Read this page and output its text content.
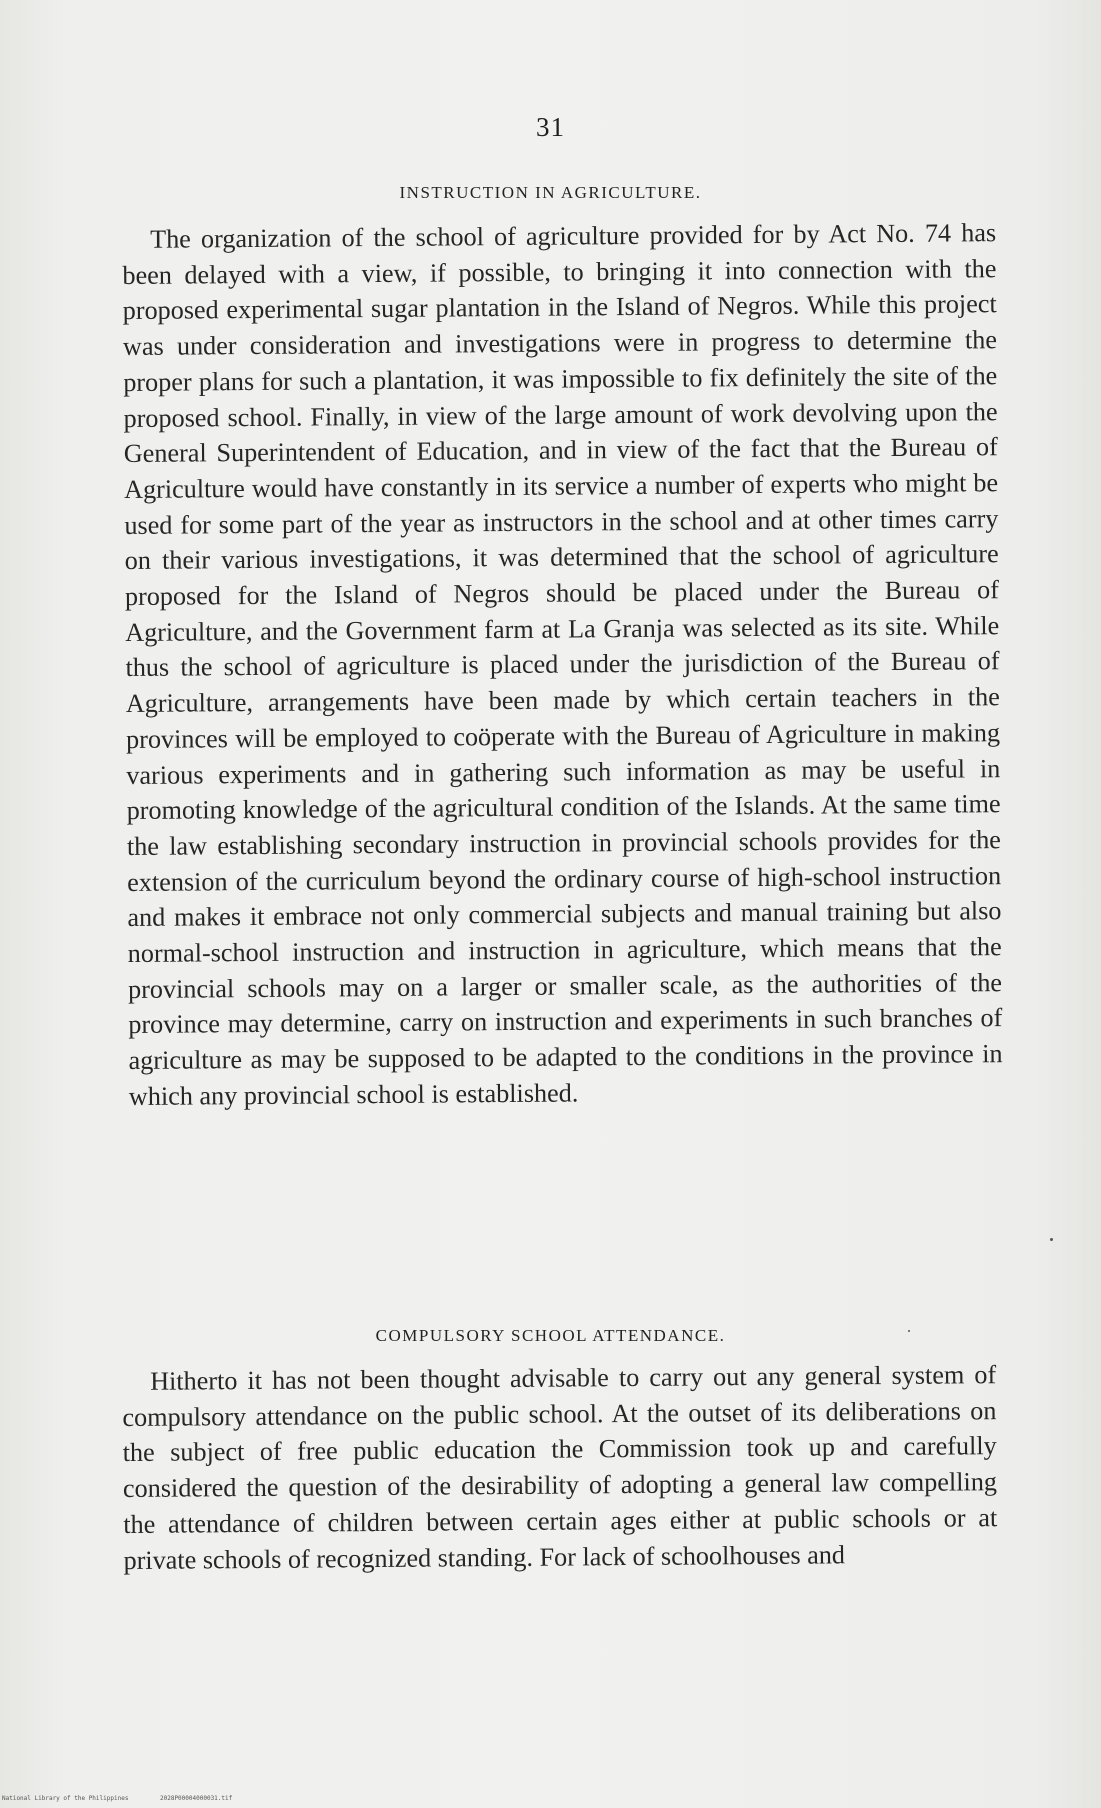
31
INSTRUCTION IN AGRICULTURE.

The organization of the school of agriculture provided for by Act No. 74 has been delayed with a view, if possible, to bringing it into connection with the proposed experimental sugar plantation in the Island of Negros. While this project was under consideration and investigations were in progress to determine the proper plans for such a plantation, it was impossible to fix definitely the site of the proposed school. Finally, in view of the large amount of work devolving upon the General Superintendent of Education, and in view of the fact that the Bureau of Agriculture would have constantly in its service a number of experts who might be used for some part of the year as instructors in the school and at other times carry on their various investigations, it was determined that the school of agriculture proposed for the Island of Negros should be placed under the Bureau of Agriculture, and the Government farm at La Granja was selected as its site. While thus the school of agriculture is placed under the jurisdiction of the Bureau of Agriculture, arrangements have been made by which certain teachers in the provinces will be employed to coöperate with the Bureau of Agriculture in making various experiments and in gathering such information as may be useful in promoting knowledge of the agricultural condition of the Islands. At the same time the law establishing secondary instruction in provincial schools provides for the extension of the curriculum beyond the ordinary course of high-school instruction and makes it embrace not only commercial subjects and manual training but also normal-school instruction and instruction in agriculture, which means that the provincial schools may on a larger or smaller scale, as the authorities of the province may determine, carry on instruction and experiments in such branches of agriculture as may be supposed to be adapted to the conditions in the province in which any provincial school is established.

COMPULSORY SCHOOL ATTENDANCE.

Hitherto it has not been thought advisable to carry out any general system of compulsory attendance on the public school. At the outset of its deliberations on the subject of free public education the Commission took up and carefully considered the question of the desirability of adopting a general law compelling the attendance of children between certain ages either at public schools or at private schools of recognized standing. For lack of schoolhouses and

National Library of the Philippines	2028P00004000031.tif
